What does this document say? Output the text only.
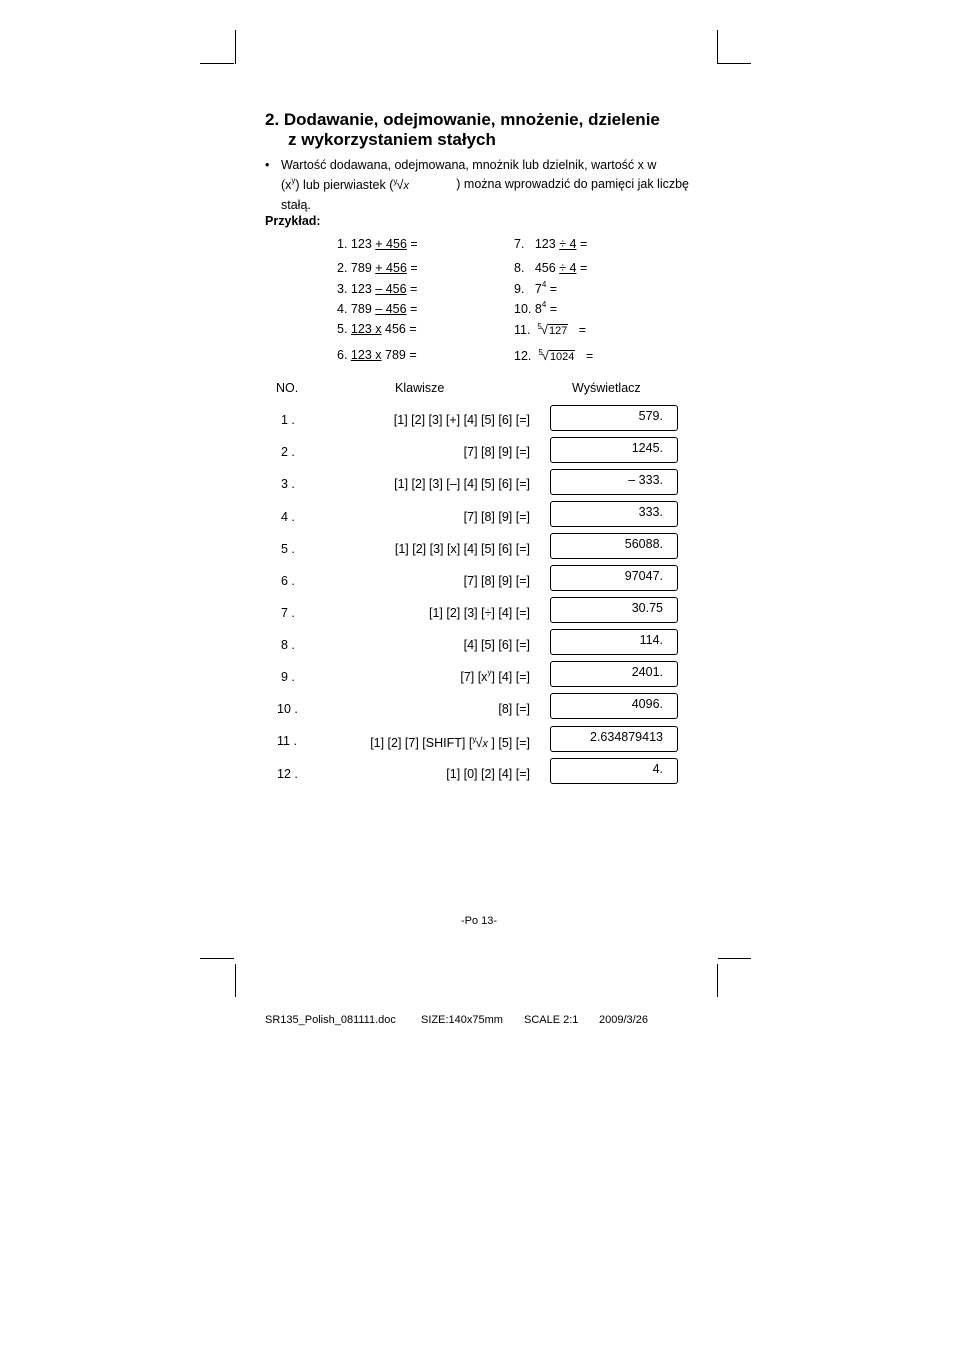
2. Dodawanie, odejmowanie, mnożenie, dzielenie
z wykorzystaniem stałych
• Wartość dodawana, odejmowana, mnożnik lub dzielnik, wartość x w
$(x^y)$ lub pierwiastek ($^y$√x	) można wprowadzić do pamięci jak liczbę
stałą.
Przykład:
1. 123 + 456 =
2. 789 + 456 =
3. 123 – 456 =
4. 789 – 456 =
5. 123 x 456 =
6. 123 x 789 =
7. 123 ÷ 4 =
8. 456 ÷ 4 =
9. $7^4$ =
10. $8^4$ =
11. $^5$√127 =
12. $^5$√1024 =
NO.	Klawisze	Wyświetlacz
1 .	[1] [2] [3] [+] [4] [5] [6] [=]	579.
2 .	[7] [8] [9] [=]	1245.
3 .	[1] [2] [3] [–] [4] [5] [6] [=]	– 333.
4 .	[7] [8] [9] [=]	333.
5 .	[1] [2] [3] [x] [4] [5] [6] [=]	56088.
6 .	[7] [8] [9] [=]	97047.
7 .	[1] [2] [3] [÷] [4] [=]	30.75
8 .	[4] [5] [6] [=]	114.
9 .	[7] $[x^y]$ [4] [=]	2401.
10 .	[8] [=]	4096.
11 .	[1] [2] [7] [SHIFT] [$^y$√x ] [5] [=]	2.634879413
12 .	[1] [0] [2] [4] [=]	4.
-Po 13-
SR135_Polish_081111.doc SIZE:140x75mm SCALE 2:1 2009/3/26
